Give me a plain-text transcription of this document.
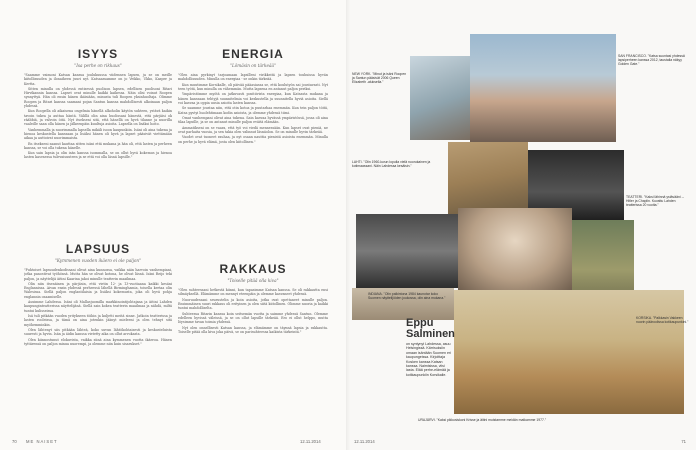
ISYYS
"Isa perhe on rikkaus"

"Saamme vaimoni Katsan kanssa joulukuussa viidennen lapsen, ja se on meille kiitollisuuden ja ilonaiheen juuri nyt. Katsaassamme on jo Veikko, Ukko, Kasper ja Kertta.

Sitten minulla on yhdessä entisessä puolison lapsen, edellisen puolisoni Ritari Hirvikannin kanssa. Lapset ovat minulle kaikki kaikessa. Näin olisi voinut Roopen synnyttyä. Hän oli ensin hänen ikäisiään, minusta tuli Roopen yksinhuoltaja. Olimme Roopen ja Ritari kanssa saamani pojan Santun kanssa mahdollisesti alkoinaan paljon yhdessä.

Kun Roopella oli aikaisena ongelmia hänellä alkoholin käytön suhteen, ystävä kaikin tavoin tukea ja auttaa häntä. Välillä olin aina huolissani hänestä, että pärjäisi ok rääbbiä, ja valvoin öitä. Nyt itsekseni sitä, että hänellä on hyvä tilanne ja nuorilla vaaleille saan olla hänen ja jälkeenpäin kuultuja asioita. Lapsella on lisäksi hoito.

Vanhemmalla ja nuorimmalla lapsella mikäli isoon kaupunkiin. Isäni oli aina tukena ja hienoa keskustella kanssaan ja lisäksi hänen oli hyvä ja lapset pääsivät viettämään aikaa ja auttoivat nuorimmaista.

En itsekseni saanut kauttaa sitten isäni että mukana ja hän oli, että lasten ja perheen kanssa, se voi olla tukena hänelle.

Kun sain lapsia ja olin isän kanssa isommalla, se on ollut hyvä kokemus ja hienoa lasten kasvaessa tulevaisuuteen ja se että voi olla läsnä lapsille."

LAPSUUS
"Kymmenen vuoden ikäero ei ole paljon"

"Puhtoiset lapsuudenkodissani olivat aina kunnossa, vaikka näin harvoin vanhempiani, jotka panostivat työhönsä. Mutta hän se olivat kotona, he olivat läsnä. Isäni Reijo teki paljon, ja näyttelijä äitini Kaarina jakoi minulle teatterin maailmaa.

Olin niin itsenäinen ja pärjäsin, että vietin 12- ja 13-vuotiaana kaikki kesäni Englannissa. Aivan ensin yhdessä perheessä lähellä Birminghamia, toisella kertaa olin Walesissa. Siellä paljon englantilaisia ja lisäksi kokemusta, joka oli hyvä pohja englannin osaamiselle.

Asuimme Lahdessa. Isäni oli Mallasjuomilla markkinointijohtajana ja äitini Lahden kaupunginteatterissa näyttelijänä. Siellä sain kokea teatterin maailmaa ja nähdä, miltä tuntui kulisseissa.

Isä tuli pitkään vuoden yritykseen töihin ja kuljetti meitä sinne. Jatkoin teatterissa ja lasten rooleissa, ja tämä on aina jotenkin jäänyt mieleeni ja olen tehnyt sitä myöhemminkin.

Olen lähtenyt siis pitkään lähteä, koko suvun lähtökohtaisesti ja keskusteluista suuresti ja hyvin. Isän ja äidin kanssa vietetty aika on ollut arvokasta.

Olen kiinnostunut elokuvista, vaikka siinä aina kymmenen vuotta ikäeroa. Hänen tyttärensä on paljon minua nuorempi, ja olemme niin kuin sisarukset."

ENERGIA
"Lömäsin on tärkeää"

"Olen aina pyrkinyt tarjoamaan lapsilleni virikkeitä ja lapsen touhuissa hyvän mahdollisuuden. Minulla on energiaa - se onkin tärkeää.

Kun muutimme Korsikalle, oli päivää pääasiassa se, että koulutyön sai joustavasti. Nyt teen työtä, kun minulla on vähemmän. Mutta lapsena en antanut paljon periksi.

Ympäristömme myötä on jatkuvasti positiivista energiaa, kun Katsasta mukana ja hänen kanssaan tehtyjä suunnitelmia voi keskustella ja suunnitella hyviä asioita. Siellä voi kasvaa ja oppia uusia asioita lasten kanssa.

Se saamme joustaa niin, että otin kotoa ja puutarhaa enemmän. Kun tein paljon töitä, Katsa pystyi huolehtimaan kodin asioista, ja olemme yhdessä tiimi.

Omat vanhempani olivat aina tukena. Sain kasvaa hyvässä ympäristössä, jossa oli aina tilaa lapsille, ja se on antanut minulle paljon eväitä elämään.

Ammatikseni on se vaara, että työ voi viedä mennessään. Kun lapset ovat pieniä, ne ovat parhaita vuosia, ja sen takia olen valinnut läsnäolon. Se on minulle hyvin tärkeää.

Vuodet ovat tuoneet rauhaa, ja nyt osaan nauttia pienistä asioista enemmän. Minulla on perhe ja hyvä elämä, josta olen kiitollinen."

RAKKAUS
"Toiselle pitää olla kiva"

"Olen suhteessani hetkestä kiinni, kun tapasimme Katsan kanssa. Se oli rakkautta ensi silmäyksellä. Elämämme on mennyt eteenpäin ja olemme kasvaneet yhdessä.

Nuoruudessani seurustelin ja koin asioita, jotka ovat opettaneet minulle paljon. Ensimmäinen suuri rakkaus oli erityinen ja olen siitä kiitollinen. Olimme nuoria ja kaikki tuntui mahdolliselta.

Suhteessa Ritarin kanssa koin seitsemän vuotta ja saimme yhdessä Santun. Olemme edelleen hyvissä väleissä, ja se on ollut lapsille tärkeää. Ero ei ollut helppo, mutta löysimme tavan toimia yhdessä.

Nyt olen onnellisesti Katsan kanssa, ja elämämme on täynnä lapsia ja rakkautta. Toiselle pitää olla kiva joka päivä, se on parisuhteessa kaikista tärkeintä."

70 ME NAISET	12.11.2014
NEW YORK. "Minut ja isäni Roopen ja Santun pääsivät 2006 Queen Elizabeth -aluksella."
SAN FRANCISCO. "Katsa suuntasi yhdessä lapsiperheen kanssa 2012, taustalla näkyy Golden Gate."
LAHTI. "Olin 1960-luvun lopulla vielä nuorukainen ja kotimaassani. Näin Lahdessa kesäisin."
TEATTERI. "Kaksi lähinnä ystävääni -- Hitler ja Chaplin. Kuvattu Lahden teatterissa 20 vuotta."
INDIANA. "Olin palkintona 1984 kaunotar koko Suomen näyttelijöiden joukossa, olin aina mukana."
KORSIKA. "Palkkasin Vakkeen nuorin pääroolissa kotikaupunkini."
Eppu
Salminen
on syntynyt Lahdessa, asuu Helsingissä. Kärrisuksiin omaan isäntään Suomen eri kaupungeissa. Kirjoittaja Kosken kanssa Katsan kanssa. Naimisissa, viisi lasta. Elää perhe-elämää ja kotikaupunkiin Korsikalle.
URAJÄRVI. "Kaksi pikkusiskoni Krisse ja äitini muistamme meidän matkamme 1977."
12.11.2014	71
